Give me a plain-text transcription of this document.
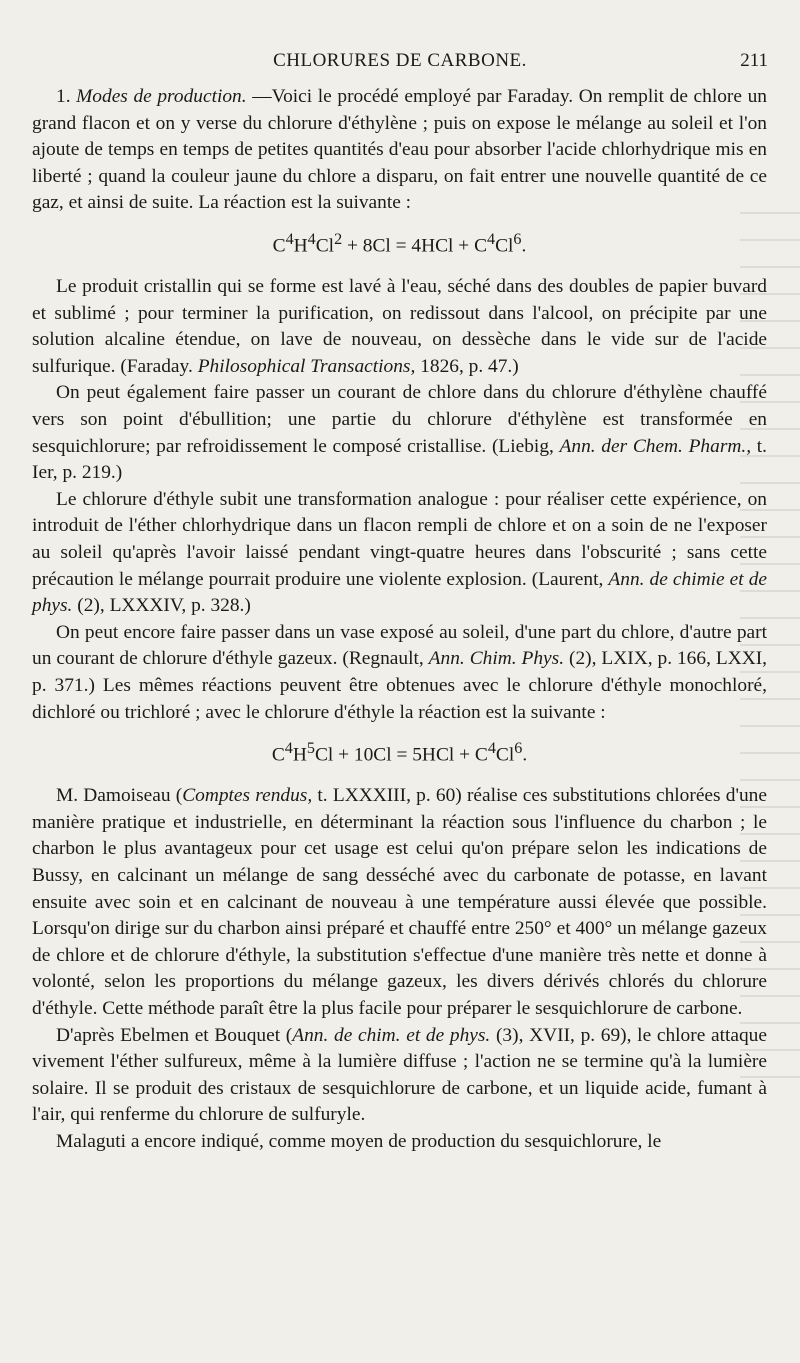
CHLORURES DE CARBONE.	211

1. Modes de production. —Voici le procédé employé par Faraday. On remplit de chlore un grand flacon et on y verse du chlorure d'éthylène ; puis on expose le mélange au soleil et l'on ajoute de temps en temps de petites quantités d'eau pour absorber l'acide chlorhydrique mis en liberté ; quand la couleur jaune du chlore a disparu, on fait entrer une nouvelle quantité de ce gaz, et ainsi de suite. La réaction est la suivante :

$C^4H^4Cl^2 + 8Cl = 4HCl + C^4Cl^6$.

Le produit cristallin qui se forme est lavé à l'eau, séché dans des doubles de papier buvard et sublimé ; pour terminer la purification, on redissout dans l'alcool, on précipite par une solution alcaline étendue, on lave de nouveau, on dessèche dans le vide sur de l'acide sulfurique. (Faraday. Philosophical Transactions, 1826, p. 47.)

On peut également faire passer un courant de chlore dans du chlorure d'éthylène chauffé vers son point d'ébullition; une partie du chlorure d'éthylène est transformée en sesquichlorure; par refroidissement le composé cristallise. (Liebig, Ann. der Chem. Pharm., t. Ier, p. 219.)

Le chlorure d'éthyle subit une transformation analogue : pour réaliser cette expérience, on introduit de l'éther chlorhydrique dans un flacon rempli de chlore et on a soin de ne l'exposer au soleil qu'après l'avoir laissé pendant vingt-quatre heures dans l'obscurité ; sans cette précaution le mélange pourrait produire une violente explosion. (Laurent, Ann. de chimie et de phys. (2), LXXXIV, p. 328.)

On peut encore faire passer dans un vase exposé au soleil, d'une part du chlore, d'autre part un courant de chlorure d'éthyle gazeux. (Regnault, Ann. Chim. Phys. (2), LXIX, p. 166, LXXI, p. 371.) Les mêmes réactions peuvent être obtenues avec le chlorure d'éthyle monochloré, dichloré ou trichloré ; avec le chlorure d'éthyle la réaction est la suivante :

$C^4H^5Cl + 10Cl = 5HCl + C^4Cl^6$.

M. Damoiseau (Comptes rendus, t. LXXXIII, p. 60) réalise ces substitutions chlorées d'une manière pratique et industrielle, en déterminant la réaction sous l'influence du charbon ; le charbon le plus avantageux pour cet usage est celui qu'on prépare selon les indications de Bussy, en calcinant un mélange de sang desséché avec du carbonate de potasse, en lavant ensuite avec soin et en calcinant de nouveau à une température aussi élevée que possible. Lorsqu'on dirige sur du charbon ainsi préparé et chauffé entre 250° et 400° un mélange gazeux de chlore et de chlorure d'éthyle, la substitution s'effectue d'une manière très nette et donne à volonté, selon les proportions du mélange gazeux, les divers dérivés chlorés du chlorure d'éthyle. Cette méthode paraît être la plus facile pour préparer le sesquichlorure de carbone.

D'après Ebelmen et Bouquet (Ann. de chim. et de phys. (3), XVII, p. 69), le chlore attaque vivement l'éther sulfureux, même à la lumière diffuse ; l'action ne se termine qu'à la lumière solaire. Il se produit des cristaux de sesquichlorure de carbone, et un liquide acide, fumant à l'air, qui renferme du chlorure de sulfuryle.

Malaguti a encore indiqué, comme moyen de production du sesquichlorure, le
